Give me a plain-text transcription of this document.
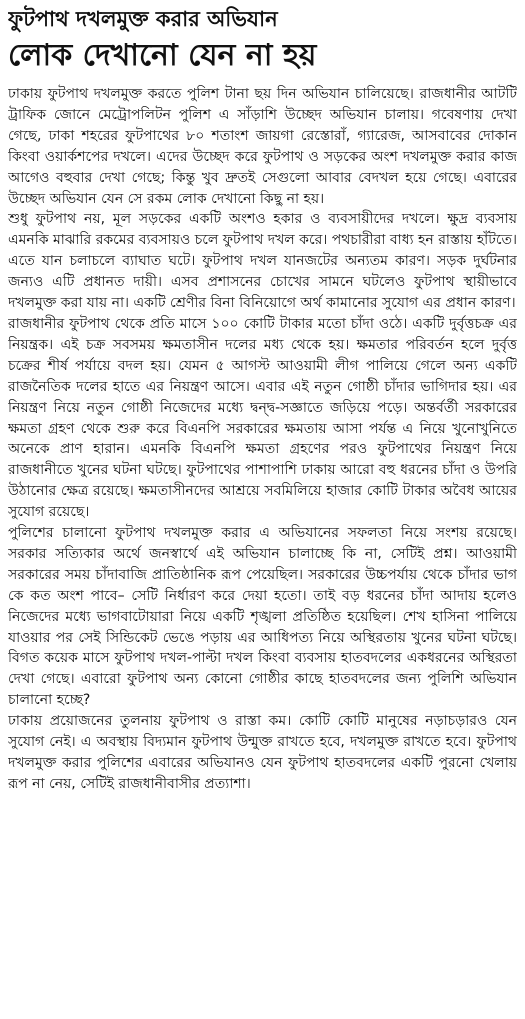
ফুটপাথ দখলমুক্ত করার অভিযান
লোক দেখানো যেন না হয়

ঢাকায় ফুটপাথ দখলমুক্ত করতে পুলিশ টানা ছয় দিন অভিযান চালিয়েছে। রাজধানীর আটটি ট্রাফিক জোনে মেট্রোপলিটন পুলিশ এ সাঁড়াশি উচ্ছেদ অভিযান চালায়। গবেষণায় দেখা গেছে, ঢাকা শহরের ফুটপাথের ৮০ শতাংশ জায়গা রেস্তোরাঁ, গ্যারেজ, আসবাবের দোকান কিংবা ওয়ার্কশপের দখলে। এদের উচ্ছেদ করে ফুটপাথ ও সড়কের অংশ দখলমুক্ত করার কাজ আগেও বহুবার দেখা গেছে; কিন্তু খুব দ্রুতই সেগুলো আবার বেদখল হয়ে গেছে। এবারের উচ্ছেদ অভিযান যেন সে রকম লোক দেখানো কিছু না হয়।

শুধু ফুটপাথ নয়, মূল সড়কের একটি অংশও হকার ও ব্যবসায়ীদের দখলে। ক্ষুদ্র ব্যবসায় এমনকি মাঝারি রকমের ব্যবসায়ও চলে ফুটপাথ দখল করে। পথচারীরা বাধ্য হন রাস্তায় হাঁটতে। এতে যান চলাচলে ব্যাঘাত ঘটে। ফুটপাথ দখল যানজটের অন্যতম কারণ। সড়ক দুর্ঘটনার জন্যও এটি প্রধানত দায়ী। এসব প্রশাসনের চোখের সামনে ঘটলেও ফুটপাথ স্থায়ীভাবে দখলমুক্ত করা যায় না। একটি শ্রেণীর বিনা বিনিয়োগে অর্থ কামানোর সুযোগ এর প্রধান কারণ।

রাজধানীর ফুটপাথ থেকে প্রতি মাসে ১০০ কোটি টাকার মতো চাঁদা ওঠে। একটি দুর্বৃত্তচক্র এর নিয়ন্ত্রক। এই চক্র সবসময় ক্ষমতাসীন দলের মধ্য থেকে হয়। ক্ষমতার পরিবর্তন হলে দুর্বৃত্ত চক্রের শীর্ষ পর্যায়ে বদল হয়। যেমন ৫ আগস্ট আওয়ামী লীগ পালিয়ে গেলে অন্য একটি রাজনৈতিক দলের হাতে এর নিয়ন্ত্রণ আসে। এবার এই নতুন গোষ্ঠী চাঁদার ভাগিদার হয়। এর নিয়ন্ত্রণ নিয়ে নতুন গোষ্ঠী নিজেদের মধ্যে দ্বন্দ্ব-সজ্ঞাতে জড়িয়ে পড়ে। অন্তর্বর্তী সরকারের ক্ষমতা গ্রহণ থেকে শুরু করে বিএনপি সরকারের ক্ষমতায় আসা পর্যন্ত এ নিয়ে খুনোখুনিতে অনেকে প্রাণ হারান। এমনকি বিএনপি ক্ষমতা গ্রহণের পরও ফুটপাথের নিয়ন্ত্রণ নিয়ে রাজধানীতে খুনের ঘটনা ঘটছে। ফুটপাথের পাশাপাশি ঢাকায় আরো বহু ধরনের চাঁদা ও উপরি উঠানোর ক্ষেত্র রয়েছে। ক্ষমতাসীনদের আশ্রয়ে সবমিলিয়ে হাজার কোটি টাকার অবৈধ আয়ের সুযোগ রয়েছে।

পুলিশের চালানো ফুটপাথ দখলমুক্ত করার এ অভিযানের সফলতা নিয়ে সংশয় রয়েছে। সরকার সত্যিকার অর্থে জনস্বার্থে এই অভিযান চালাচ্ছে কি না, সেটিই প্রশ্ন। আওয়ামী সরকারের সময় চাঁদাবাজি প্রাতিষ্ঠানিক রূপ পেয়েছিল। সরকারের উচ্চপর্যায় থেকে চাঁদার ভাগ কে কত অংশ পাবে– সেটি নির্ধারণ করে দেয়া হতো। তাই বড় ধরনের চাঁদা আদায় হলেও নিজেদের মধ্যে ভাগবাটোয়ারা নিয়ে একটি শৃঙ্খলা প্রতিষ্ঠিত হয়েছিল। শেখ হাসিনা পালিয়ে যাওয়ার পর সেই সিন্ডিকেট ভেঙে পড়ায় এর আধিপত্য নিয়ে অস্থিরতায় খুনের ঘটনা ঘটছে। বিগত কয়েক মাসে ফুটপাথ দখল-পাল্টা দখল কিংবা ব্যবসায় হাতবদলের একধরনের অস্থিরতা দেখা গেছে। এবারো ফুটপাথ অন্য কোনো গোষ্ঠীর কাছে হাতবদলের জন্য পুলিশি অভিযান চালানো হচ্ছে?

ঢাকায় প্রয়োজনের তুলনায় ফুটপাথ ও রাস্তা কম। কোটি কোটি মানুষের নড়াচড়ারও যেন সুযোগ নেই। এ অবস্থায় বিদ্যমান ফুটপাথ উন্মুক্ত রাখতে হবে, দখলমুক্ত রাখতে হবে। ফুটপাথ দখলমুক্ত করার পুলিশের এবারের অভিযানও যেন ফুটপাথ হাতবদলের একটি পুরনো খেলায় রূপ না নেয়, সেটিই রাজধানীবাসীর প্রত্যাশা।
